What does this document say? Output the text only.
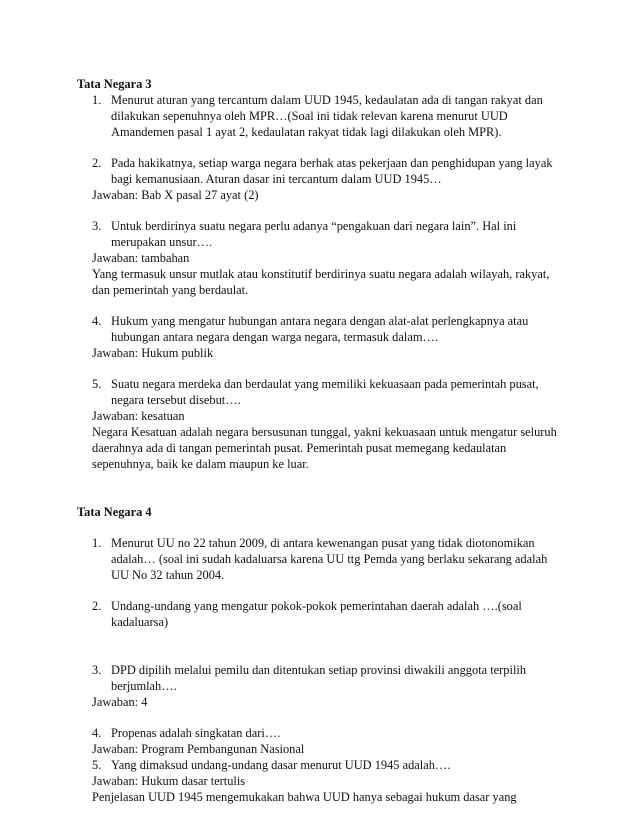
Tata Negara 3

1. Menurut aturan yang tercantum dalam UUD 1945, kedaulatan ada di tangan rakyat dan dilakukan sepenuhnya oleh MPR…(Soal ini tidak relevan karena menurut UUD Amandemen pasal 1 ayat 2, kedaulatan rakyat tidak lagi dilakukan oleh MPR).
2. Pada hakikatnya, setiap warga negara berhak atas pekerjaan dan penghidupan yang layak bagi kemanusiaan. Aturan dasar ini tercantum dalam UUD 1945…

Jawaban: Bab X pasal 27 ayat (2)

3. Untuk berdirinya suatu negara perlu adanya “pengakuan dari negara lain”. Hal ini merupakan unsur….

Jawaban: tambahan

Yang termasuk unsur mutlak atau konstitutif berdirinya suatu negara adalah wilayah, rakyat, dan pemerintah yang berdaulat.

4. Hukum yang mengatur hubungan antara negara dengan alat-alat perlengkapnya atau hubungan antara negara dengan warga negara, termasuk dalam….

Jawaban: Hukum publik

5. Suatu negara merdeka dan berdaulat yang memiliki kekuasaan pada pemerintah pusat, negara tersebut disebut….

Jawaban: kesatuan

Negara Kesatuan adalah negara bersusunan tunggal, yakni kekuasaan untuk mengatur seluruh daerahnya ada di tangan pemerintah pusat. Pemerintah pusat memegang kedaulatan sepenuhnya, baik ke dalam maupun ke luar.

Tata Negara 4

1. Menurut UU no 22 tahun 2009, di antara kewenangan pusat yang tidak diotonomikan adalah… (soal ini sudah kadaluarsa karena UU ttg Pemda yang berlaku sekarang adalah UU No 32 tahun 2004.
2. Undang-undang yang mengatur pokok-pokok pemerintahan daerah adalah ….(soal kadaluarsa)
3. DPD dipilih melalui pemilu dan ditentukan setiap provinsi diwakili anggota terpilih berjumlah….

Jawaban: 4

4. Propenas adalah singkatan dari….

Jawaban: Program Pembangunan Nasional

5. Yang dimaksud undang-undang dasar menurut UUD 1945 adalah….

Jawaban: Hukum dasar tertulis

Penjelasan UUD 1945 mengemukakan bahwa UUD hanya sebagai hukum dasar yang
